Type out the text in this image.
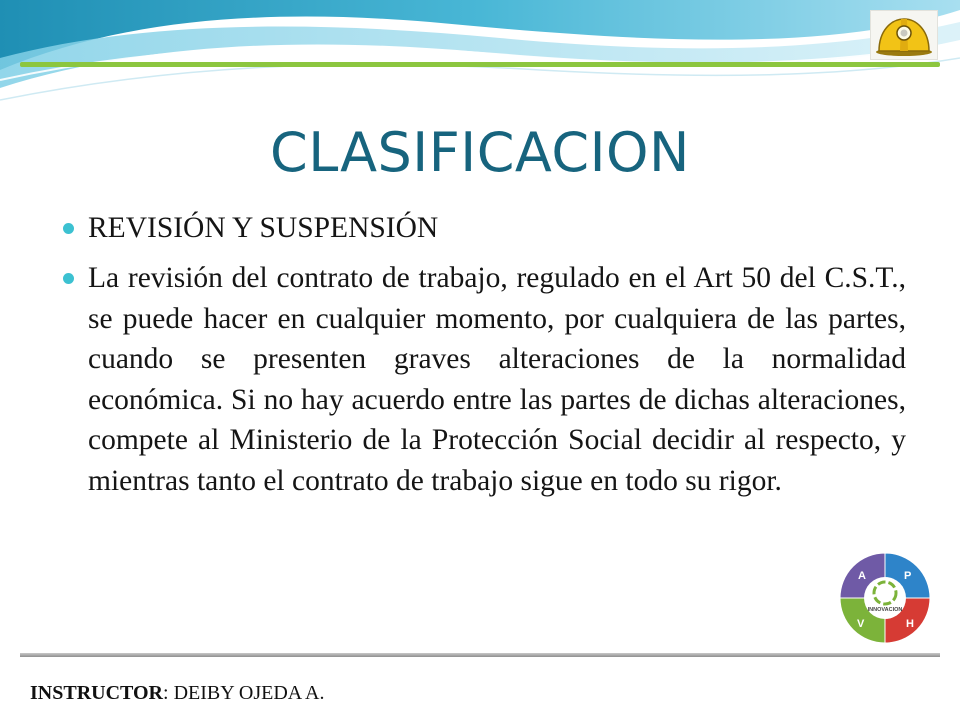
CLASIFICACION
REVISIÓN Y SUSPENSIÓN
La revisión del contrato de trabajo, regulado en el Art 50 del C.S.T., se puede hacer en cualquier momento, por cualquiera de las partes, cuando se presenten graves alteraciones de la normalidad económica. Si no hay acuerdo entre las partes de dichas alteraciones, compete al Ministerio de la Protección Social decidir al respecto, y mientras tanto el contrato de trabajo sigue en todo su rigor.
A	P
V	H
INNOVACION
INSTRUCTOR: DEIBY OJEDA A.
